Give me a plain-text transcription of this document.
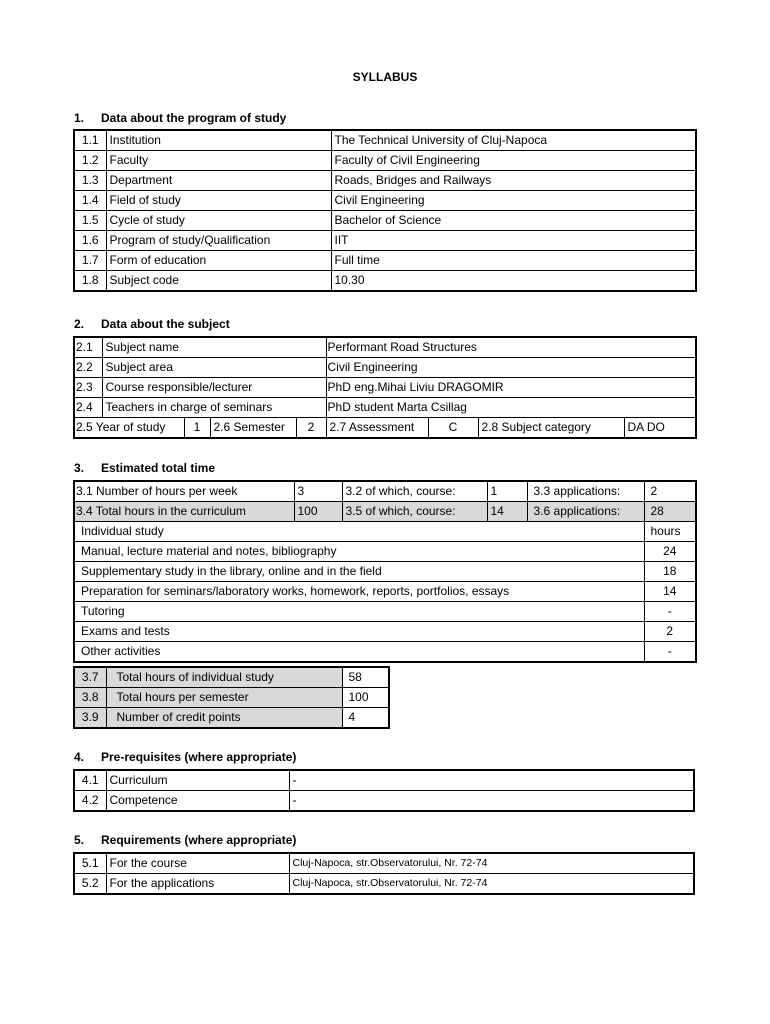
SYLLABUS
1. Data about the program of study
1.1	Institution	The Technical University of Cluj-Napoca
1.2	Faculty	Faculty of Civil Engineering
1.3	Department	Roads, Bridges and Railways
1.4	Field of study	Civil Engineering
1.5	Cycle of study	Bachelor of Science
1.6	Program of study/Qualification	IIT
1.7	Form of education	Full time
1.8	Subject code	10.30
2. Data about the subject
2.1	Subject name				Performant Road Structures			
2.2	Subject area				Civil Engineering			
2.3	Course responsible/lecturer				PhD eng.Mihai Liviu DRAGOMIR			
2.4	Teachers in charge of seminars				PhD student Marta Csillag			
2.5 Year of study		1	2.6 Semester	2	2.7 Assessment	C	2.8 Subject category	DA DO
3. Estimated total time
3.1 Number of hours per week	3	3.2 of which, course:	1	3.3 applications:	2
3.4 Total hours in the curriculum	100	3.5 of which, course:	14	3.6 applications:	28
Individual study					hours
Manual, lecture material and notes, bibliography					24
Supplementary study in the library, online and in the field					18
Preparation for seminars/laboratory works, homework, reports, portfolios, essays					14
Tutoring					-
Exams and tests					2
Other activities					-
3.7	Total hours of individual study	58
3.8	Total hours per semester	100
3.9	Number of credit points	4
4. Pre-requisites (where appropriate)
4.1	Curriculum	-
4.2	Competence	-
5. Requirements (where appropriate)
5.1	For the course	Cluj-Napoca, str.Observatorului, Nr. 72-74
5.2	For the applications	Cluj-Napoca, str.Observatorului, Nr. 72-74
